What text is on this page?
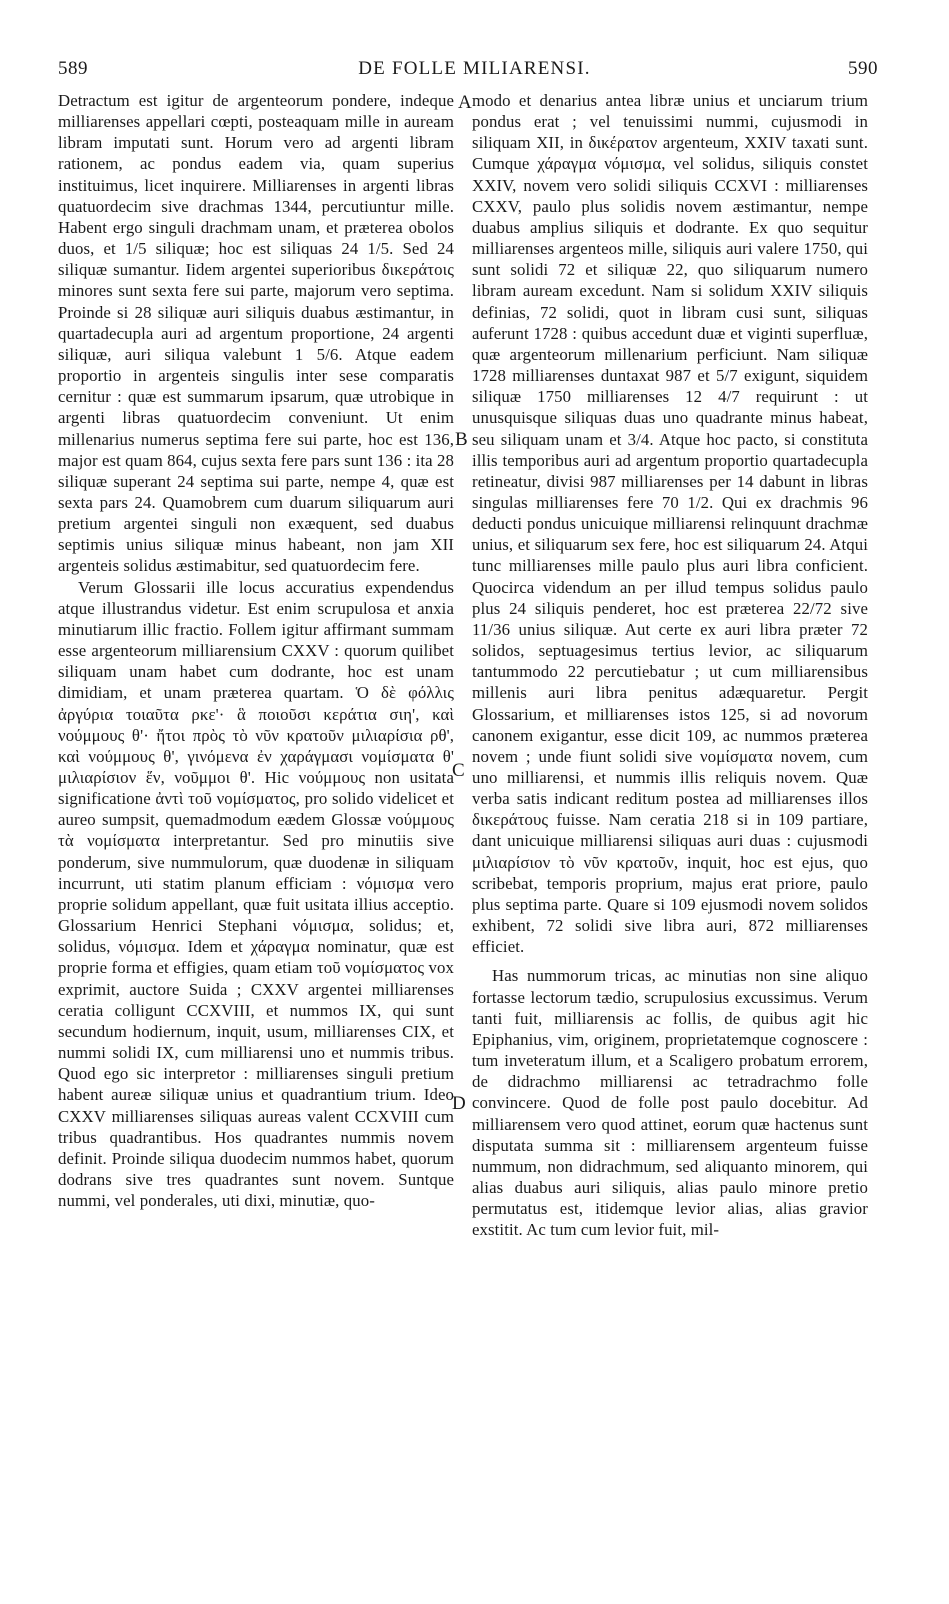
589	DE FOLLE MILIARENSI.	590

Detractum est igitur de argenteorum pondere, indeque milliarenses appellari cœpti, posteaquam mille in auream libram imputati sunt. Horum vero ad argenti libram rationem, ac pondus eadem via, quam superius instituimus, licet inquirere. Milliarenses in argenti libras quatuordecim sive drachmas 1344, percutiuntur mille. Habent ergo singuli drachmam unam, et præterea obolos duos, et 1/5 siliquæ; hoc est siliquas 24 1/5. Sed 24 siliquæ sumantur. Iidem argentei superioribus δικεράτοις minores sunt sexta fere sui parte, majorum vero septima. Proinde si 28 siliquæ auri siliquis duabus æstimantur, in quartadecupla auri ad argentum proportione, 24 argenti siliquæ, auri siliqua valebunt 1 5/6. Atque eadem proportio in argenteis singulis inter sese comparatis cernitur : quæ est summarum ipsarum, quæ utrobique in argenti libras quatuordecim conveniunt. Ut enim millenarius numerus septima fere sui parte, hoc est 136, major est quam 864, cujus sexta fere pars sunt 136 : ita 28 siliquæ superant 24 septima sui parte, nempe 4, quæ est sexta pars 24. Quamobrem cum duarum siliquarum auri pretium argentei singuli non exæquent, sed duabus septimis unius siliquæ minus habeant, non jam XII argenteis solidus æstimabitur, sed quatuordecim fere.

Verum Glossarii ille locus accuratius expendendus atque illustrandus videtur. Est enim scrupulosa et anxia minutiarum illic fractio. Follem igitur affirmant summam esse argenteorum milliarensium CXXV : quorum quilibet siliquam unam habet cum dodrante, hoc est unam dimidiam, et unam præterea quartam. Ὁ δὲ φόλλις ἀργύρια τοιαῦτα ρκε'· ἃ ποιοῦσι κεράτια σιη', καὶ νούμμους θ'· ἤτοι πρὸς τὸ νῦν κρατοῦν μιλιαρίσια ρθ', καὶ νούμμους θ', γινόμενα ἐν χαράγμασι νομίσματα θ' μιλιαρίσιον ἕν, νοῦμμοι θ'. Hic νούμμους non usitata significatione ἀντὶ τοῦ νομίσματος, pro solido videlicet et aureo sumpsit, quemadmodum eædem Glossæ νούμμους τὰ νομίσματα interpretantur. Sed pro minutiis sive ponderum, sive nummulorum, quæ duodenæ in siliquam incurrunt, uti statim planum efficiam : νόμισμα vero proprie solidum appellant, quæ fuit usitata illius acceptio. Glossarium Henrici Stephani νόμισμα, solidus; et, solidus, νόμισμα. Idem et χάραγμα nominatur, quæ est proprie forma et effigies, quam etiam τοῦ νομίσματος vox exprimit, auctore Suida ; CXXV argentei milliarenses ceratia colligunt CCXVIII, et nummos IX, qui sunt secundum hodiernum, inquit, usum, milliarenses CIX, et nummi solidi IX, cum milliarensi uno et nummis tribus. Quod ego sic interpretor : milliarenses singuli pretium habent aureæ siliquæ unius et quadrantium trium. Ideo CXXV milliarenses siliquas aureas valent CCXVIII cum tribus quadrantibus. Hos quadrantes nummis novem definit. Proinde siliqua duodecim nummos habet, quorum dodrans sive tres quadrantes sunt novem. Suntque nummi, vel ponderales, uti dixi, minutiæ, quo-

A
B
C
D

modo et denarius antea libræ unius et unciarum trium pondus erat ; vel tenuissimi nummi, cujusmodi in siliquam XII, in δικέρατον argenteum, XXIV taxati sunt. Cumque χάραγμα νόμισμα, vel solidus, siliquis constet XXIV, novem vero solidi siliquis CCXVI : milliarenses CXXV, paulo plus solidis novem æstimantur, nempe duabus amplius siliquis et dodrante. Ex quo sequitur milliarenses argenteos mille, siliquis auri valere 1750, qui sunt solidi 72 et siliquæ 22, quo siliquarum numero libram auream excedunt. Nam si solidum XXIV siliquis definias, 72 solidi, quot in libram cusi sunt, siliquas auferunt 1728 : quibus accedunt duæ et viginti superfluæ, quæ argenteorum millenarium perficiunt. Nam siliquæ 1728 milliarenses duntaxat 987 et 5/7 exigunt, siquidem siliquæ 1750 milliarenses 12 4/7 requirunt : ut unusquisque siliquas duas uno quadrante minus habeat, seu siliquam unam et 3/4. Atque hoc pacto, si constituta illis temporibus auri ad argentum proportio quartadecupla retineatur, divisi 987 milliarenses per 14 dabunt in libras singulas milliarenses fere 70 1/2. Qui ex drachmis 96 deducti pondus unicuique milliarensi relinquunt drachmæ unius, et siliquarum sex fere, hoc est siliquarum 24. Atqui tunc milliarenses mille paulo plus auri libra conficient. Quocirca videndum an per illud tempus solidus paulo plus 24 siliquis penderet, hoc est præterea 22/72 sive 11/36 unius siliquæ. Aut certe ex auri libra præter 72 solidos, septuagesimus tertius levior, ac siliquarum tantummodo 22 percutiebatur ; ut cum milliarensibus millenis auri libra penitus adæquaretur. Pergit Glossarium, et milliarenses istos 125, si ad novorum canonem exigantur, esse dicit 109, ac nummos præterea novem ; unde fiunt solidi sive νομίσματα novem, cum uno milliarensi, et nummis illis reliquis novem. Quæ verba satis indicant reditum postea ad milliarenses illos δικεράτους fuisse. Nam ceratia 218 si in 109 partiare, dant unicuique milliarensi siliquas auri duas : cujusmodi μιλιαρίσιον τὸ νῦν κρατοῦν, inquit, hoc est ejus, quo scribebat, temporis proprium, majus erat priore, paulo plus septima parte. Quare si 109 ejusmodi novem solidos exhibent, 72 solidi sive libra auri, 872 milliarenses efficiet.

Has nummorum tricas, ac minutias non sine aliquo fortasse lectorum tædio, scrupulosius excussimus. Verum tanti fuit, milliarensis ac follis, de quibus agit hic Epiphanius, vim, originem, proprietatemque cognoscere : tum inveteratum illum, et a Scaligero probatum errorem, de didrachmo milliarensi ac tetradrachmo folle convincere. Quod de folle post paulo docebitur. Ad milliarensem vero quod attinet, eorum quæ hactenus sunt disputata summa sit : milliarensem argenteum fuisse nummum, non didrachmum, sed aliquanto minorem, qui alias duabus auri siliquis, alias paulo minore pretio permutatus est, itidemque levior alias, alias gravior exstitit. Ac tum cum levior fuit, mil-
